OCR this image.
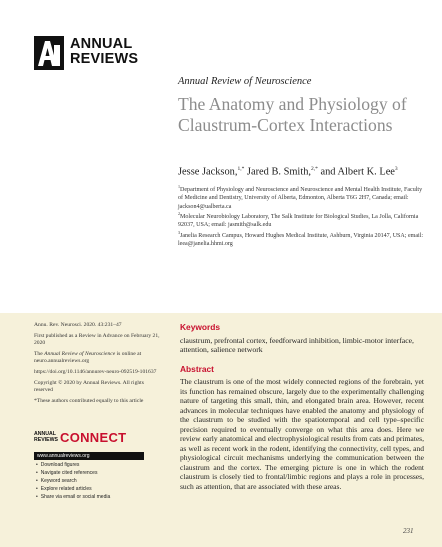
ANNUAL
REVIEWS
Annual Review of Neuroscience
The Anatomy and Physiology of Claustrum-Cortex Interactions
Jesse Jackson,$^{1,*}$ Jared B. Smith,$^{2,*}$ and Albert K. Lee$^3$
$^1$Department of Physiology and Neuroscience and Neuroscience and Mental Health Institute, Faculty of Medicine and Dentistry, University of Alberta, Edmonton, Alberta T6G 2H7, Canada; email: jackson4@ualberta.ca
$^2$Molecular Neurobiology Laboratory, The Salk Institute for Biological Studies, La Jolla, California 92037, USA; email: jasmith@salk.edu
$^3$Janelia Research Campus, Howard Hughes Medical Institute, Ashburn, Virginia 20147, USA; email: leea@janelia.hhmi.org

Annu. Rev. Neurosci. 2020. 43:231–47

First published as a Review in Advance on February 21, 2020

The Annual Review of Neuroscience is online at neuro.annualreviews.org

https://doi.org/10.1146/annurev-neuro-092519-101637

Copyright © 2020 by Annual Reviews. All rights reserved

*These authors contributed equally to this article

ANNUAL
REVIEWS CONNECT
www.annualreviews.org
• Download figures
• Navigate cited references
• Keyword search
• Explore related articles
• Share via email or social media
Keywords
claustrum, prefrontal cortex, feedforward inhibition, limbic-motor interface, attention, salience network
Abstract
The claustrum is one of the most widely connected regions of the forebrain, yet its function has remained obscure, largely due to the experimentally challenging nature of targeting this small, thin, and elongated brain area. However, recent advances in molecular techniques have enabled the anatomy and physiology of the claustrum to be studied with the spatiotemporal and cell type–specific precision required to eventually converge on what this area does. Here we review early anatomical and electrophysiological results from cats and primates, as well as recent work in the rodent, identifying the connectivity, cell types, and physiological circuit mechanisms underlying the communication between the claustrum and the cortex. The emerging picture is one in which the rodent claustrum is closely tied to frontal/limbic regions and plays a role in processes, such as attention, that are associated with these areas.
231
